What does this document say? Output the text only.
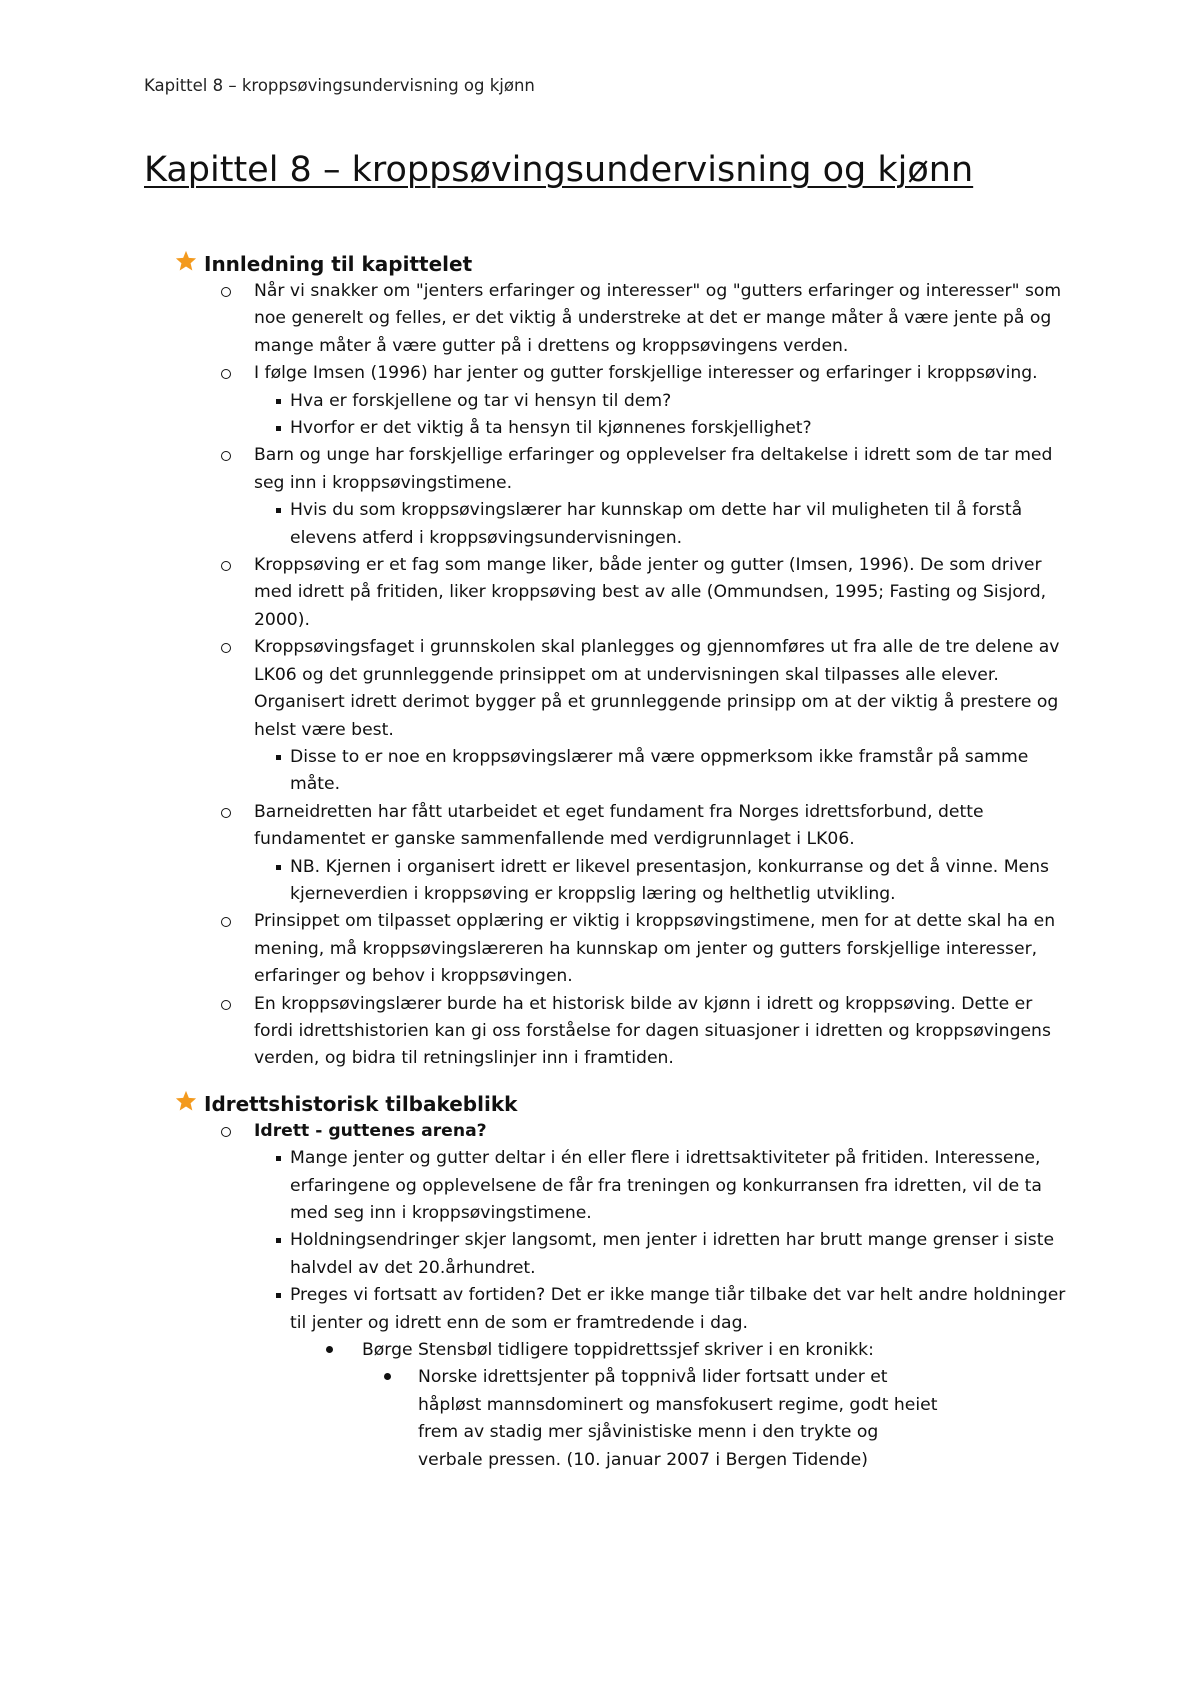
Kapittel 8 – kroppsøvingsundervisning og kjønn
Kapittel 8 – kroppsøvingsundervisning og kjønn
Innledning til kapittelet
Når vi snakker om "jenters erfaringer og interesser" og "gutters erfaringer og interesser" som noe generelt og felles, er det viktig å understreke at det er mange måter å være jente på og mange måter å være gutter på i drettens og kroppsøvingens verden.
I følge Imsen (1996) har jenter og gutter forskjellige interesser og erfaringer i kroppsøving.
Hva er forskjellene og tar vi hensyn til dem?
Hvorfor er det viktig å ta hensyn til kjønnenes forskjellighet?
Barn og unge har forskjellige erfaringer og opplevelser fra deltakelse i idrett som de tar med seg inn i kroppsøvingstimene.
Hvis du som kroppsøvingslærer har kunnskap om dette har vil muligheten til å forstå elevens atferd i kroppsøvingsundervisningen.
Kroppsøving er et fag som mange liker, både jenter og gutter (Imsen, 1996). De som driver med idrett på fritiden, liker kroppsøving best av alle (Ommundsen, 1995; Fasting og Sisjord, 2000).
Kroppsøvingsfaget i grunnskolen skal planlegges og gjennomføres ut fra alle de tre delene av LK06 og det grunnleggende prinsippet om at undervisningen skal tilpasses alle elever. Organisert idrett derimot bygger på et grunnleggende prinsipp om at der viktig å prestere og helst være best.
Disse to er noe en kroppsøvingslærer må være oppmerksom ikke framstår på samme måte.
Barneidretten har fått utarbeidet et eget fundament fra Norges idrettsforbund, dette fundamentet er ganske sammenfallende med verdigrunnlaget i LK06.
NB. Kjernen i organisert idrett er likevel presentasjon, konkurranse og det å vinne. Mens kjerneverdien i kroppsøving er kroppslig læring og helthetlig utvikling.
Prinsippet om tilpasset opplæring er viktig i kroppsøvingstimene, men for at dette skal ha en mening, må kroppsøvingslæreren ha kunnskap om jenter og gutters forskjellige interesser, erfaringer og behov i kroppsøvingen.
En kroppsøvingslærer burde ha et historisk bilde av kjønn i idrett og kroppsøving. Dette er fordi idrettshistorien kan gi oss forståelse for dagen situasjoner i idretten og kroppsøvingens verden, og bidra til retningslinjer inn i framtiden.
Idrettshistorisk tilbakeblikk
Idrett - guttenes arena?
Mange jenter og gutter deltar i én eller flere i idrettsaktiviteter på fritiden. Interessene, erfaringene og opplevelsene de får fra treningen og konkurransen fra idretten, vil de ta med seg inn i kroppsøvingstimene.
Holdningsendringer skjer langsomt, men jenter i idretten har brutt mange grenser i siste halvdel av det 20.århundret.
Preges vi fortsatt av fortiden? Det er ikke mange tiår tilbake det var helt andre holdninger til jenter og idrett enn de som er framtredende i dag.
Børge Stensbøl tidligere toppidrettssjef skriver i en kronikk:
Norske idrettsjenter på toppnivå lider fortsatt under et håpløst mannsdominert og mansfokusert regime, godt heiet frem av stadig mer sjåvinistiske menn i den trykte og verbale pressen. (10. januar 2007 i Bergen Tidende)
